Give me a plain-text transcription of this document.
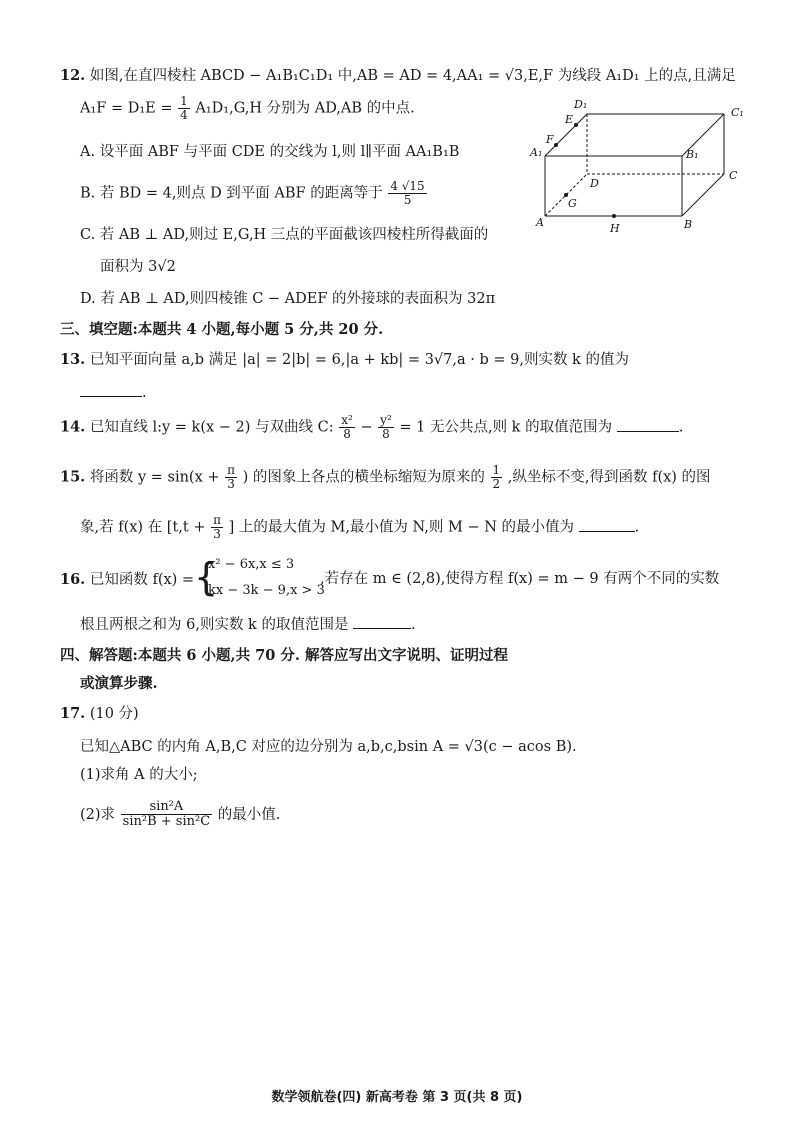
12. 如图,在直四棱柱 ABCD − A₁B₁C₁D₁ 中,AB = AD = 4,AA₁ = √3,E,F 为线段 A₁D₁ 上的点,且满足
$A_1F = D_1E = \frac{1}{4} A_1D_1,G,H$ 分别为 AD,AB 的中点.
A. 设平面 ABF 与平面 CDE 的交线为 l,则 l∥平面 AA₁B₁B
B. 若 BD = 4,则点 D 到平面 ABF 的距离等于 $\frac{4 √15}{5}$
C. 若 AB ⊥ AD,则过 E,G,H 三点的平面截该四棱柱所得截面的
面积为 3√2
D. 若 AB ⊥ AD,则四棱锥 C − ADEF 的外接球的表面积为 32π
D₁
C₁
E
F
A₁	B₁
D
C
G
A	H	B
三、填空题:本题共 4 小题,每小题 5 分,共 20 分.
13. 已知平面向量 a,b 满足 |a| = 2|b| = 6,|a + kb| = 3√7,a · b = 9,则实数 k 的值为
.
14. 已知直线 l:y = k(x − 2) 与双曲线 C: $\frac{\text{x²}}{8} - \frac{\text{y²}}{8} = 1$ 无公共点,则 k 的取值范围为	.
15. 将函数 $y = \sin(x + \frac{\pi}{3}$ ) 的图象上各点的横坐标缩短为原来的 $\frac{1}{2}$ ,纵坐标不变,得到函数 f(x) 的图
象,若 f(x) 在 [$t,t + \frac{\pi}{3}$ ] 上的最大值为 M,最小值为 N,则 M − N 的最小值为	.
16. 已知函数 f(x) = {
x² − 6x,x ≤ 3
kx − 3k − 9,x > 3
,若存在 m ∈ (2,8),使得方程 f(x) = m − 9 有两个不同的实数
根且两根之和为 6,则实数 k 的取值范围是	.
四、解答题:本题共 6 小题,共 70 分. 解答应写出文字说明、证明过程
或演算步骤.
17. (10 分)
已知△ABC 的内角 A,B,C 对应的边分别为 a,b,c,bsin A = √3(c − acos B).
(1)求角 A 的大小;
(2)求 $\frac{\text{sin²A}}{\text{sin²B + sin²C}}$ 的最小值.
数学领航卷(四) 新高考卷 第 3 页(共 8 页)
